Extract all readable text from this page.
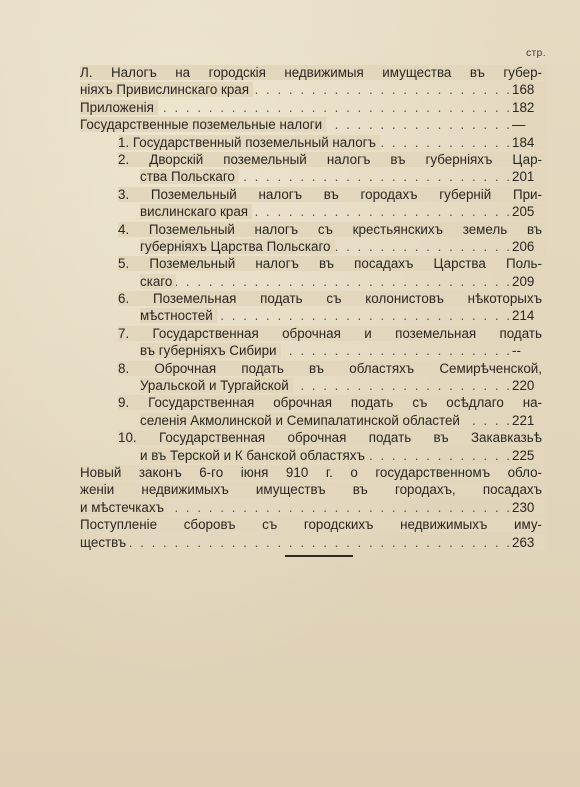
стр.
Л. Налогъ на городскія недвижимыя имущества въ губер-
ніяхъ Привислинскаго края	168
. . .
Приложенія	182
. . .
Государственные поземельные налоги	—
. . .
1. Государственный поземельный налогъ	184
. . .
2. Дворскій поземельный налогъ въ губерніяхъ Цар-
ства Польскаго	201
. . .
3. Поземельный налогъ въ городахъ губерній При-
вислинскаго края	205
. . .
4. Поземельный налогъ съ крестьянскихъ земель въ
губерніяхъ Царства Польскаго	206
. . .
5. Поземельный налогъ въ посадахъ Царства Поль-
скаго	209
. . .
6. Поземельная подать съ колонистовъ нѣкоторыхъ
мѣстностей	214
. . .
7. Государственная оброчная и поземельная подать
въ губерніяхъ Сибири	--
. . .
8. Оброчная подать въ областяхъ Семирѣченской,
Уральской и Тургайской	220
. . .
9. Государственная оброчная подать съ осѣдлаго на-
селенія Акмолинской и Семипалатинской областей	221
. . .
10. Государственная оброчная подать въ Закавказьѣ
и въ Терской и К банской областяхъ	225
. . .
Новый законъ 6-го іюня 910 г. о государственномъ обло-
женіи недвижимыхъ имуществъ въ городахъ, посадахъ
и мѣстечкахъ	230
. . .
Поступленіе сборовъ съ городскихъ недвижимыхъ иму-
ществъ	263
. . .
